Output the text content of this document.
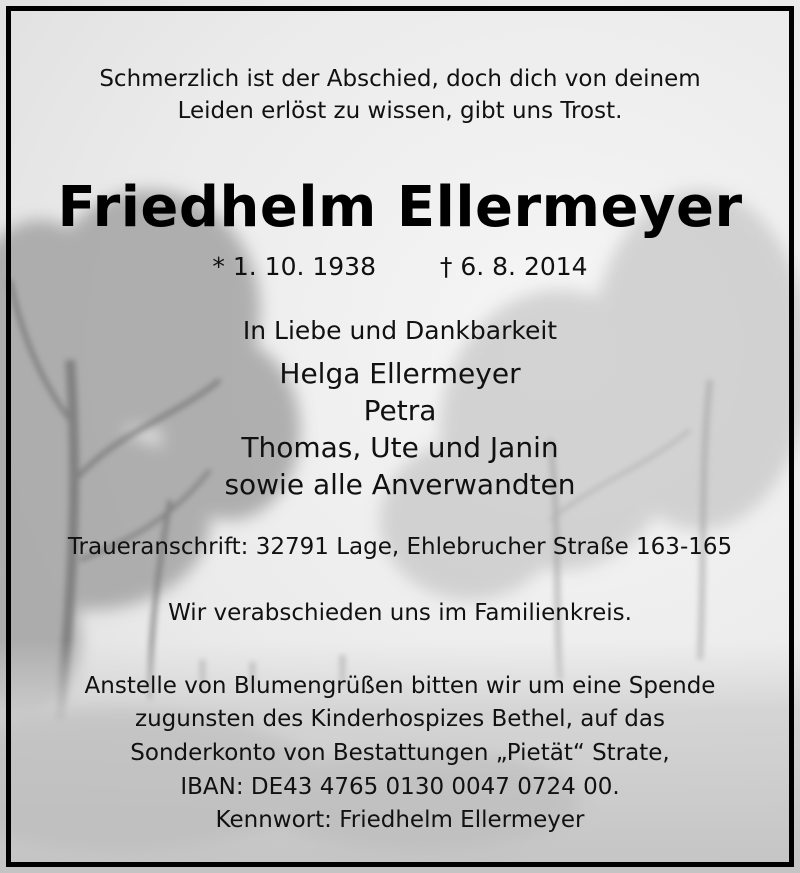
Schmerzlich ist der Abschied, doch dich von deinem
Leiden erlöst zu wissen, gibt uns Trost.
Friedhelm Ellermeyer
* 1. 10. 1938	† 6. 8. 2014
In Liebe und Dankbarkeit
Helga Ellermeyer
Petra
Thomas, Ute und Janin
sowie alle Anverwandten
Traueranschrift: 32791 Lage, Ehlebrucher Straße 163-165
Wir verabschieden uns im Familienkreis.
Anstelle von Blumengrüßen bitten wir um eine Spende
zugunsten des Kinderhospizes Bethel, auf das
Sonderkonto von Bestattungen „Pietät“ Strate,
IBAN: DE43 4765 0130 0047 0724 00.
Kennwort: Friedhelm Ellermeyer
